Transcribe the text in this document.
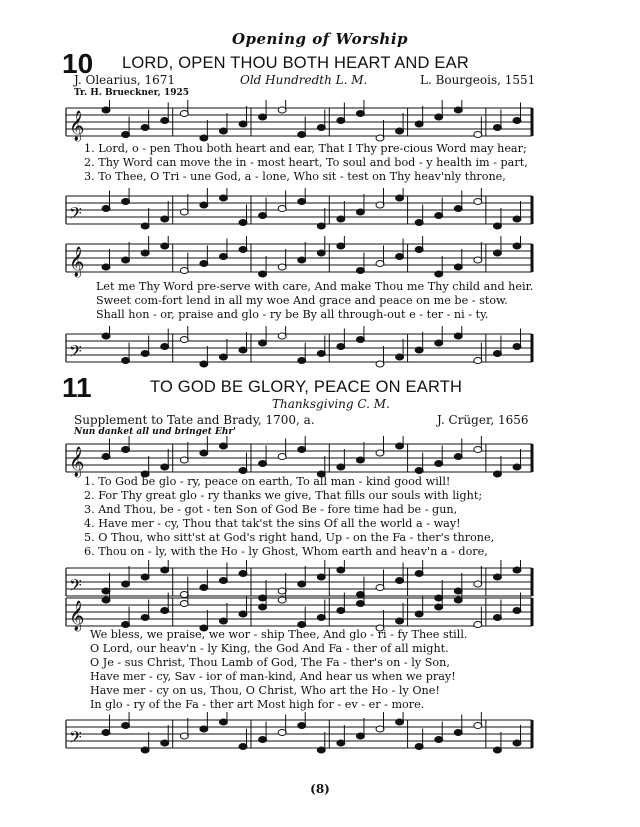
Opening of Worship
10 LORD, OPEN THOU BOTH HEART AND EAR
J. Olearius, 1671	Old Hundredth L. M.	L. Bourgeois, 1551
Tr. H. Brueckner, 1925
𝄞
1. Lord, o - pen Thou both heart and ear, That I Thy pre-cious Word may hear;
2. Thy Word can move the in - most heart, To soul and bod - y health im - part,
3. To Thee, O Tri - une God, a - lone, Who sit - test on Thy heav'nly throne,
𝄢
𝄞
Let me Thy Word pre-serve with care, And make Thou me Thy child and heir.
Sweet com-fort lend in all my woe And grace and peace on me be - stow.
Shall hon - or, praise and glo - ry be By all through-out e - ter - ni - ty.
𝄢
11	TO GOD BE GLORY, PEACE ON EARTH
Thanksgiving C. M.
Supplement to Tate and Brady, 1700, a.	J. Crüger, 1656
Nun danket all und bringet Ehr'
𝄞
1. To God be glo - ry, peace on earth, To all man - kind good will!
2. For Thy great glo - ry thanks we give, That fills our souls with light;
3. And Thou, be - got - ten Son of God Be - fore time had be - gun,
4. Have mer - cy, Thou that tak'st the sins Of all the world a - way!
5. O Thou, who sitt'st at God's right hand, Up - on the Fa - ther's throne,
6. Thou on - ly, with the Ho - ly Ghost, Whom earth and heav'n a - dore,
𝄢
𝄞
We bless, we praise, we wor - ship Thee, And glo - ri - fy Thee still.
O Lord, our heav'n - ly King, the God And Fa - ther of all might.
O Je - sus Christ, Thou Lamb of God, The Fa - ther's on - ly Son,
Have mer - cy, Sav - ior of man-kind, And hear us when we pray!
Have mer - cy on us, Thou, O Christ, Who art the Ho - ly One!
In glo - ry of the Fa - ther art Most high for - ev - er - more.
𝄢
(8)
